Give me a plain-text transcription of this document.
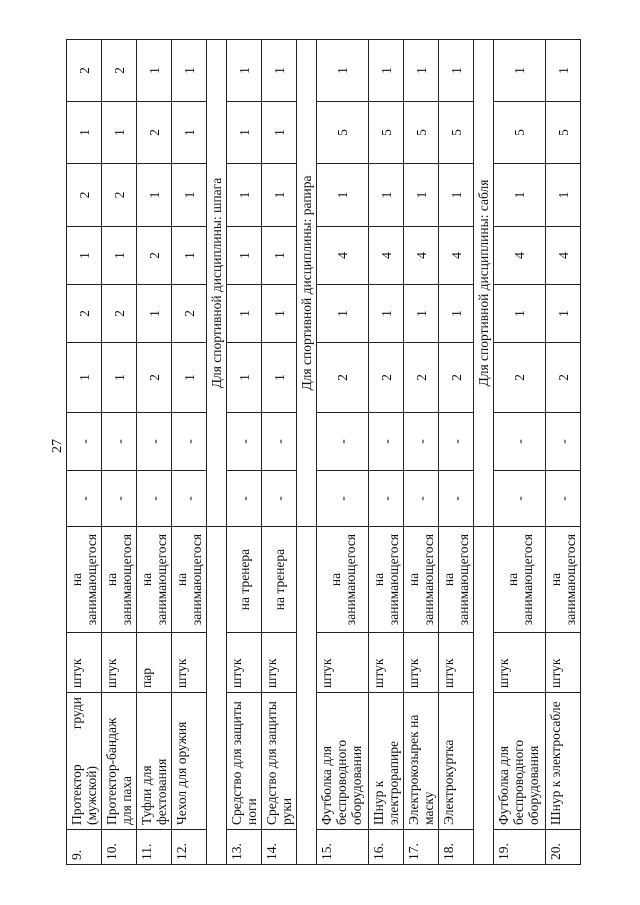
27
9.	Протектор груди (мужской)	штук	на занимающегося	-	-	1	2	1	2	1	2
10.	Протектор-бандаж для паха	штук	на занимающегося	-	-	1	2	1	2	1	2
11.	Туфли для фехтования	пар	на занимающегося	-	-	2	1	2	1	2	1
12.	Чехол для оружия	штук	на занимающегося	-	-	1	2	1	1	1	1
				Для спортивной дисциплины: шпага							
13.	Средство для защиты ноги	штук	на тренера	-	-	1	1	1	1	1	1
14.	Средство для защиты руки	штук	на тренера	-	-	1	1	1	1	1	1
				Для спортивной дисциплины: рапира							
15.	Футболка для беспроводного оборудования	штук	на занимающегося	-	-	2	1	4	1	5	1
16.	Шнур к электрорапире	штук	на занимающегося	-	-	2	1	4	1	5	1
17.	Электрокозырек на маску	штук	на занимающегося	-	-	2	1	4	1	5	1
18.	Электрокуртка	штук	на занимающегося	-	-	2	1	4	1	5	1
				Для спортивной дисциплины: сабля							
19.	Футболка для беспроводного оборудования	штук	на занимающегося	-	-	2	1	4	1	5	1
20.	Шнур к электросабле	штук	на занимающегося	-	-	2	1	4	1	5	1
